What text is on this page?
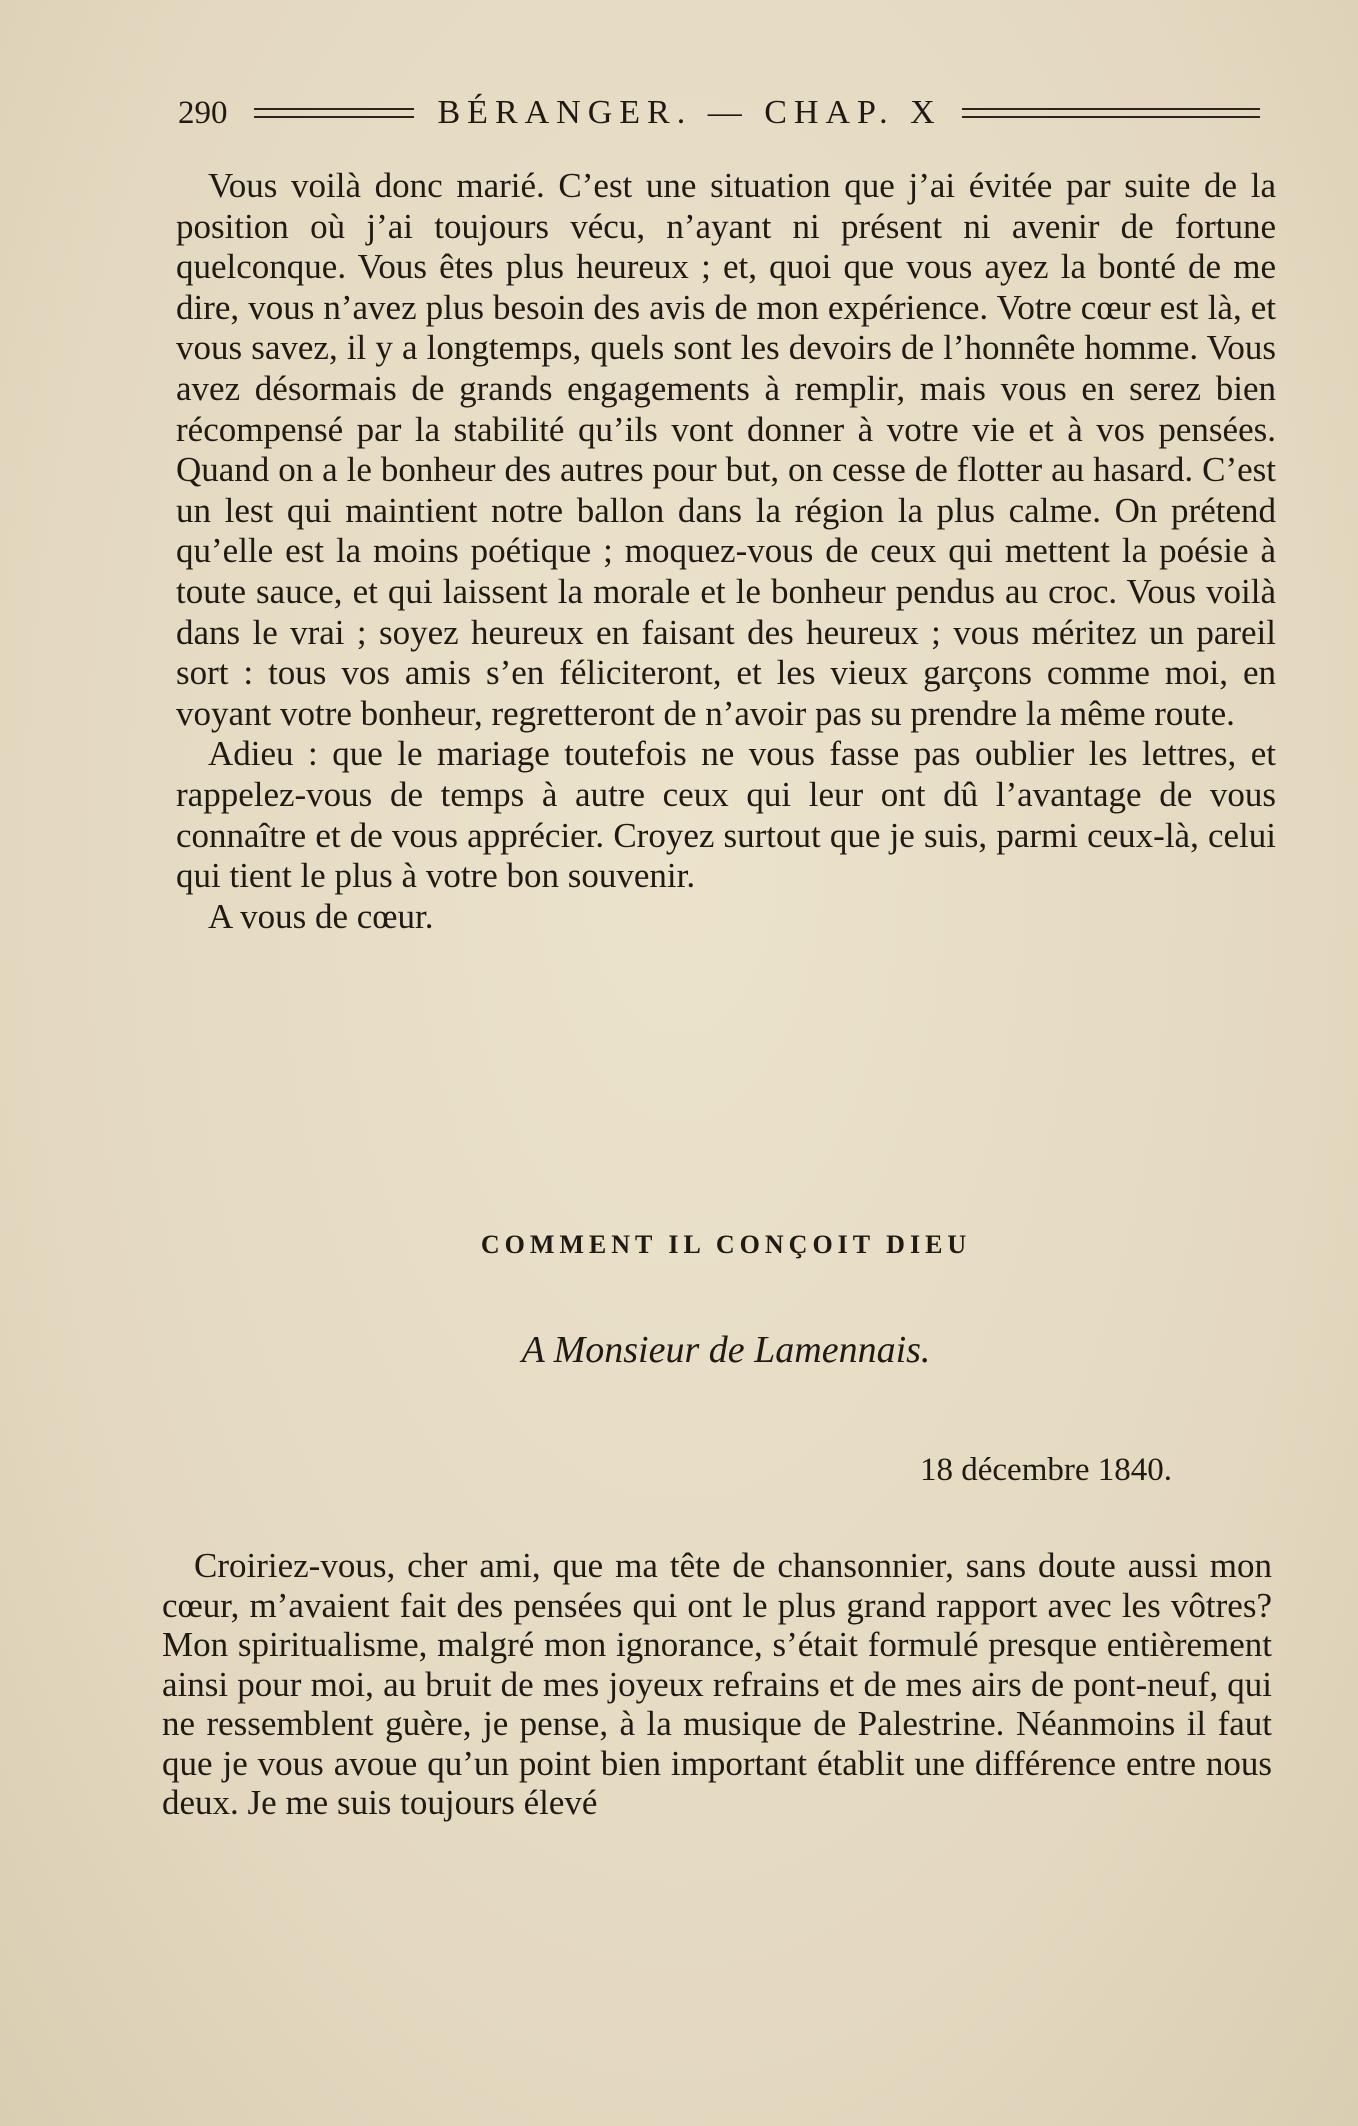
290	BÉRANGER. — CHAP. X

Vous voilà donc marié. C’est une situation que j’ai évitée par suite de la position où j’ai toujours vécu, n’ayant ni présent ni avenir de fortune quelconque. Vous êtes plus heureux ; et, quoi que vous ayez la bonté de me dire, vous n’avez plus besoin des avis de mon expérience. Votre cœur est là, et vous savez, il y a longtemps, quels sont les devoirs de l’honnête homme. Vous avez désormais de grands engagements à remplir, mais vous en serez bien récompensé par la stabilité qu’ils vont donner à votre vie et à vos pensées. Quand on a le bonheur des autres pour but, on cesse de flotter au hasard. C’est un lest qui maintient notre ballon dans la région la plus calme. On prétend qu’elle est la moins poétique ; moquez-vous de ceux qui mettent la poésie à toute sauce, et qui laissent la morale et le bonheur pendus au croc. Vous voilà dans le vrai ; soyez heureux en faisant des heureux ; vous méritez un pareil sort : tous vos amis s’en féliciteront, et les vieux garçons comme moi, en voyant votre bonheur, regretteront de n’avoir pas su prendre la même route.

Adieu : que le mariage toutefois ne vous fasse pas oublier les lettres, et rappelez-vous de temps à autre ceux qui leur ont dû l’avantage de vous connaître et de vous apprécier. Croyez surtout que je suis, parmi ceux-là, celui qui tient le plus à votre bon souvenir.

A vous de cœur.

COMMENT IL CONÇOIT DIEU
A Monsieur de Lamennais.
18 décembre 1840.

Croiriez-vous, cher ami, que ma tête de chansonnier, sans doute aussi mon cœur, m’avaient fait des pensées qui ont le plus grand rapport avec les vôtres? Mon spiritualisme, malgré mon ignorance, s’était formulé presque entièrement ainsi pour moi, au bruit de mes joyeux refrains et de mes airs de pont-neuf, qui ne ressemblent guère, je pense, à la musique de Palestrine. Néanmoins il faut que je vous avoue qu’un point bien important établit une différence entre nous deux. Je me suis toujours élevé
